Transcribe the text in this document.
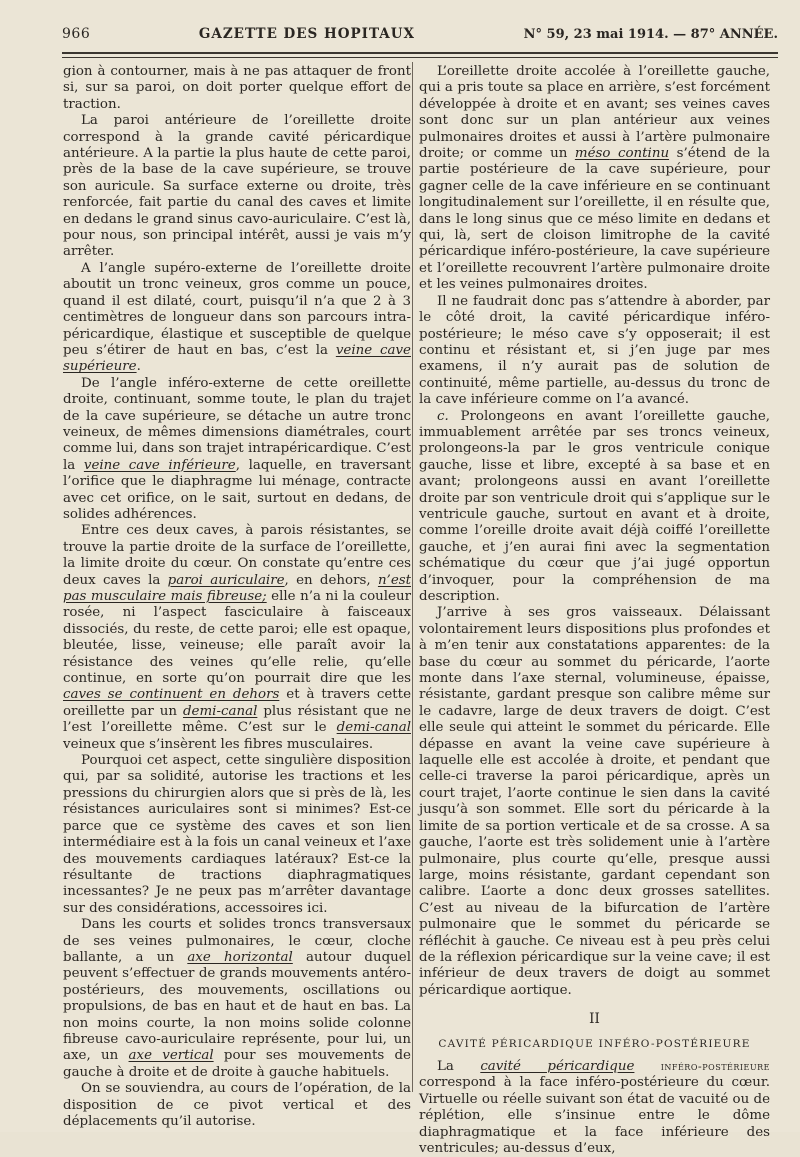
966	GAZETTE DES HOPITAUX	N° 59, 23 mai 1914. — 87° ANNÉE.

gion à contourner, mais à ne pas attaquer de front si, sur sa paroi, on doit porter quelque effort de traction.

La paroi antérieure de l’oreillette droite correspond à la grande cavité péricardique antérieure. A la partie la plus haute de cette paroi, près de la base de la cave supérieure, se trouve son auricule. Sa surface externe ou droite, très renforcée, fait partie du canal des caves et limite en dedans le grand sinus cavo-auriculaire. C’est là, pour nous, son principal intérêt, aussi je vais m’y arrêter.

A l’angle supéro-externe de l’oreillette droite aboutit un tronc veineux, gros comme un pouce, quand il est dilaté, court, puisqu’il n’a que 2 à 3 centimètres de longueur dans son parcours intra-péricardique, élastique et susceptible de quelque peu s’étirer de haut en bas, c’est la veine cave supérieure.

De l’angle inféro-externe de cette oreillette droite, continuant, somme toute, le plan du trajet de la cave supérieure, se détache un autre tronc veineux, de mêmes dimensions diamétrales, court comme lui, dans son trajet intrapéricardique. C’est la veine cave inférieure, laquelle, en traversant l’orifice que le diaphragme lui ménage, contracte avec cet orifice, on le sait, surtout en dedans, de solides adhérences.

Entre ces deux caves, à parois résistantes, se trouve la partie droite de la surface de l’oreillette, la limite droite du cœur. On constate qu’entre ces deux caves la paroi auriculaire, en dehors, n’est pas musculaire mais fibreuse; elle n’a ni la couleur rosée, ni l’aspect fasciculaire à faisceaux dissociés, du reste, de cette paroi; elle est opaque, bleutée, lisse, veineuse; elle paraît avoir la résistance des veines qu’elle relie, qu’elle continue, en sorte qu’on pourrait dire que les caves se continuent en dehors et à travers cette oreillette par un demi-canal plus résistant que ne l’est l’oreillette même. C’est sur le demi-canal veineux que s’insèrent les fibres musculaires.

Pourquoi cet aspect, cette singulière disposition qui, par sa solidité, autorise les tractions et les pressions du chirurgien alors que si près de là, les résistances auriculaires sont si minimes? Est-ce parce que ce système des caves et son lien intermédiaire est à la fois un canal veineux et l’axe des mouvements cardiaques latéraux? Est-ce la résultante de tractions diaphragmatiques incessantes? Je ne peux pas m’arrêter davantage sur des considérations, accessoires ici.

Dans les courts et solides troncs transversaux de ses veines pulmonaires, le cœur, cloche ballante, a un axe horizontal autour duquel peuvent s’effectuer de grands mouvements antéro-postérieurs, des mouvements, oscillations ou propulsions, de bas en haut et de haut en bas. La non moins courte, la non moins solide colonne fibreuse cavo-auriculaire représente, pour lui, un axe, un axe vertical pour ses mouvements de gauche à droite et de droite à gauche habituels.

On se souviendra, au cours de l’opération, de la disposition de ce pivot vertical et des déplacements qu’il autorise.

L’oreillette droite accolée à l’oreillette gauche, qui a pris toute sa place en arrière, s’est forcément développée à droite et en avant; ses veines caves sont donc sur un plan antérieur aux veines pulmonaires droites et aussi à l’artère pulmonaire droite; or comme un méso continu s’étend de la partie postérieure de la cave supérieure, pour gagner celle de la cave inférieure en se continuant longitudinalement sur l’oreillette, il en résulte que, dans le long sinus que ce méso limite en dedans et qui, là, sert de cloison limitrophe de la cavité péricardique inféro-postérieure, la cave supérieure et l’oreillette recouvrent l’artère pulmonaire droite et les veines pulmonaires droites.

Il ne faudrait donc pas s’attendre à aborder, par le côté droit, la cavité péricardique inféro-postérieure; le méso cave s’y opposerait; il est continu et résistant et, si j’en juge par mes examens, il n’y aurait pas de solution de continuité, même partielle, au-dessus du tronc de la cave inférieure comme on l’a avancé.

c. Prolongeons en avant l’oreillette gauche, immuablement arrêtée par ses troncs veineux, prolongeons-la par le gros ventricule conique gauche, lisse et libre, excepté à sa base et en avant; prolongeons aussi en avant l’oreillette droite par son ventricule droit qui s’applique sur le ventricule gauche, surtout en avant et à droite, comme l’oreille droite avait déjà coiffé l’oreillette gauche, et j’en aurai fini avec la segmentation schématique du cœur que j’ai jugé opportun d’invoquer, pour la compréhension de ma description.

J’arrive à ses gros vaisseaux. Délaissant volontairement leurs dispositions plus profondes et à m’en tenir aux constatations apparentes: de la base du cœur au sommet du péricarde, l’aorte monte dans l’axe sternal, volumineuse, épaisse, résistante, gardant presque son calibre même sur le cadavre, large de deux travers de doigt. C’est elle seule qui atteint le sommet du péricarde. Elle dépasse en avant la veine cave supérieure à laquelle elle est accolée à droite, et pendant que celle-ci traverse la paroi péricardique, après un court trajet, l’aorte continue le sien dans la cavité jusqu’à son sommet. Elle sort du péricarde à la limite de sa portion verticale et de sa crosse. A sa gauche, l’aorte est très solidement unie à l’artère pulmonaire, plus courte qu’elle, presque aussi large, moins résistante, gardant cependant son calibre. L’aorte a donc deux grosses satellites. C’est au niveau de la bifurcation de l’artère pulmonaire que le sommet du péricarde se réfléchit à gauche. Ce niveau est à peu près celui de la réflexion péricardique sur la veine cave; il est inférieur de deux travers de doigt au sommet péricardique aortique.

II
CAVITÉ PÉRICARDIQUE INFÉRO-POSTÉRIEURE

La cavité péricardique inféro-postérieure correspond à la face inféro-postérieure du cœur. Virtuelle ou réelle suivant son état de vacuité ou de réplétion, elle s’insinue entre le dôme diaphragmatique et la face inférieure des ventricules; au-dessus d’eux,
